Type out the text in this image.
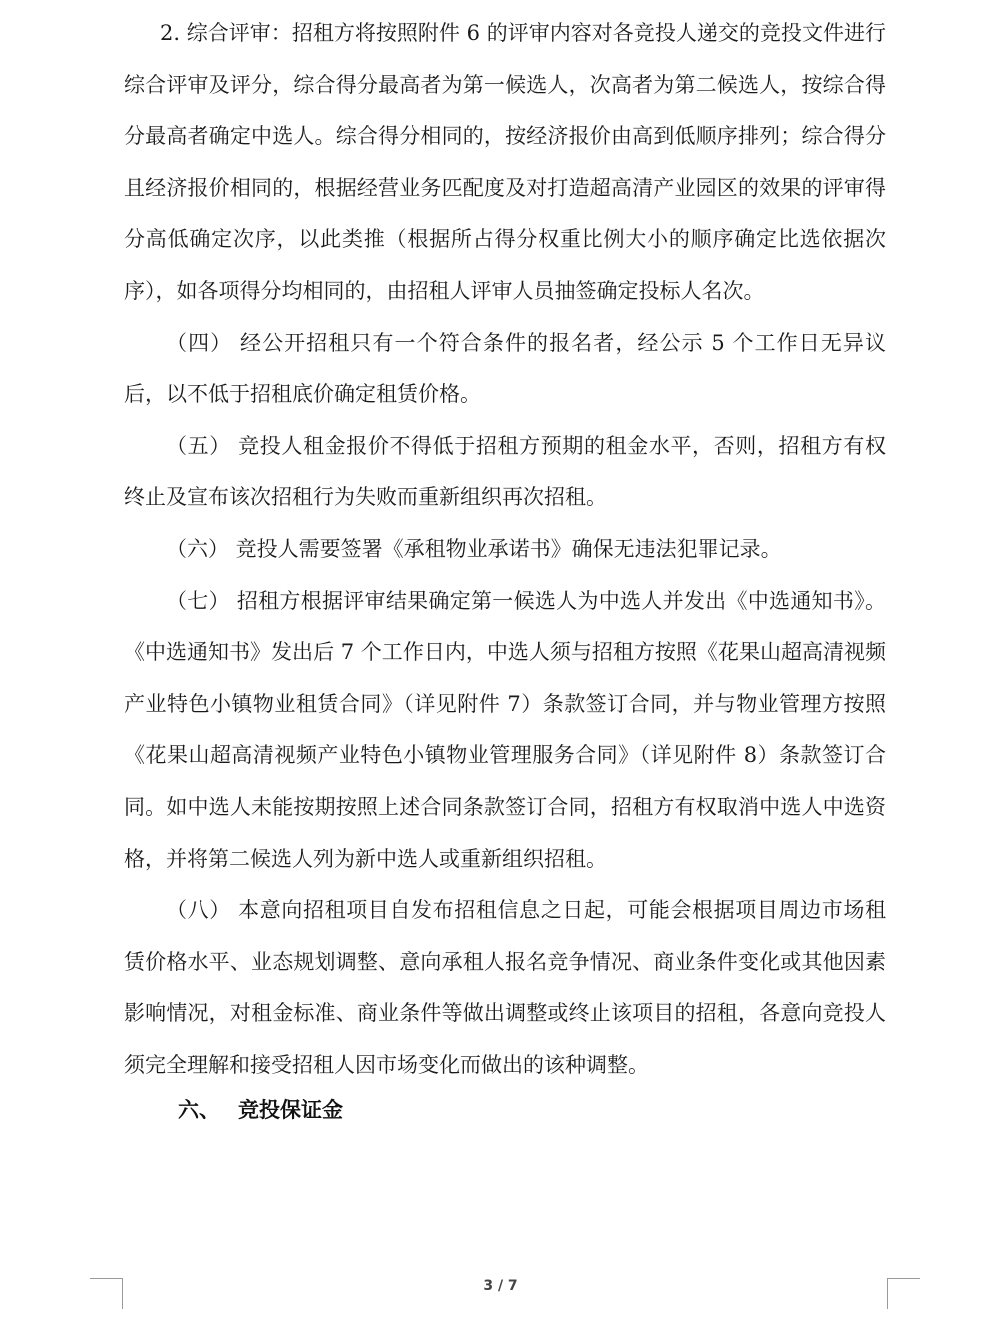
2. 综合评审：招租方将按照附件 6 的评审内容对各竞投人递交的竞投文件进行综合评审及评分，综合得分最高者为第一候选人，次高者为第二候选人，按综合得分最高者确定中选人。综合得分相同的，按经济报价由高到低顺序排列；综合得分且经济报价相同的，根据经营业务匹配度及对打造超高清产业园区的效果的评审得分高低确定次序，以此类推（根据所占得分权重比例大小的顺序确定比选依据次序），如各项得分均相同的，由招租人评审人员抽签确定投标人名次。

（四） 经公开招租只有一个符合条件的报名者，经公示 5 个工作日无异议后，以不低于招租底价确定租赁价格。

（五） 竞投人租金报价不得低于招租方预期的租金水平，否则，招租方有权终止及宣布该次招租行为失败而重新组织再次招租。

（六） 竞投人需要签署《承租物业承诺书》确保无违法犯罪记录。

（七） 招租方根据评审结果确定第一候选人为中选人并发出《中选通知书》。《中选通知书》发出后 7 个工作日内，中选人须与招租方按照《花果山超高清视频产业特色小镇物业租赁合同》（详见附件 7）条款签订合同，并与物业管理方按照《花果山超高清视频产业特色小镇物业管理服务合同》（详见附件 8）条款签订合同。如中选人未能按期按照上述合同条款签订合同，招租方有权取消中选人中选资格，并将第二候选人列为新中选人或重新组织招租。

（八） 本意向招租项目自发布招租信息之日起，可能会根据项目周边市场租赁价格水平、业态规划调整、意向承租人报名竞争情况、商业条件变化或其他因素影响情况，对租金标准、商业条件等做出调整或终止该项目的招租，各意向竞投人须完全理解和接受招租人因市场变化而做出的该种调整。

六、 竞投保证金
3 / 7
